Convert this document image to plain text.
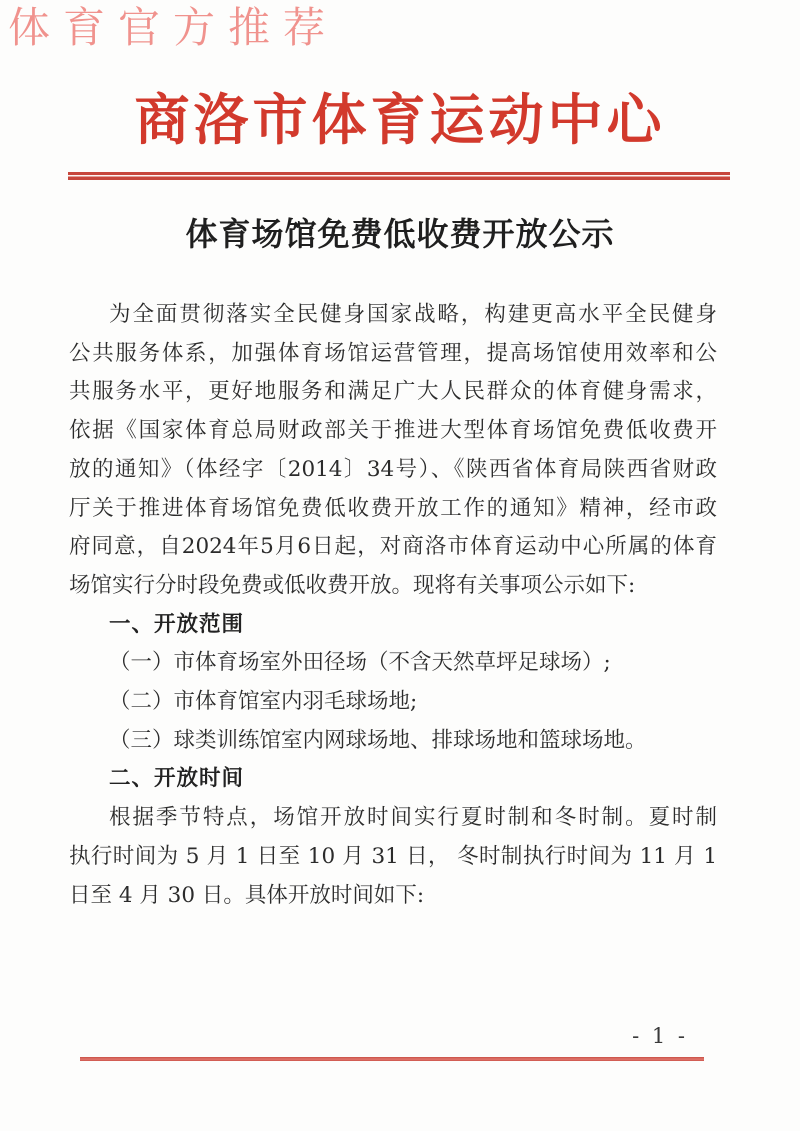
体育官方推荐
商洛市体育运动中心
体育场馆免费低收费开放公示
为全面贯彻落实全民健身国家战略，构建更高水平全民健身
公共服务体系，加强体育场馆运营管理，提高场馆使用效率和公
共服务水平，更好地服务和满足广大人民群众的体育健身需求，
依据《国家体育总局财政部关于推进大型体育场馆免费低收费开
放的通知》（体经字〔2014〕34号）、《陕西省体育局陕西省财政
厅关于推进体育场馆免费低收费开放工作的通知》精神，经市政
府同意，自2024年5月6日起，对商洛市体育运动中心所属的体育
场馆实行分时段免费或低收费开放。现将有关事项公示如下:
一、开放范围
（一）市体育场室外田径场（不含天然草坪足球场）;
（二）市体育馆室内羽毛球场地;
（三）球类训练馆室内网球场地、排球场地和篮球场地。
二、开放时间
根据季节特点，场馆开放时间实行夏时制和冬时制。夏时制
执行时间为 5 月 1 日至 10 月 31 日， 冬时制执行时间为 11 月 1
日至 4 月 30 日。具体开放时间如下:
- 1 -
